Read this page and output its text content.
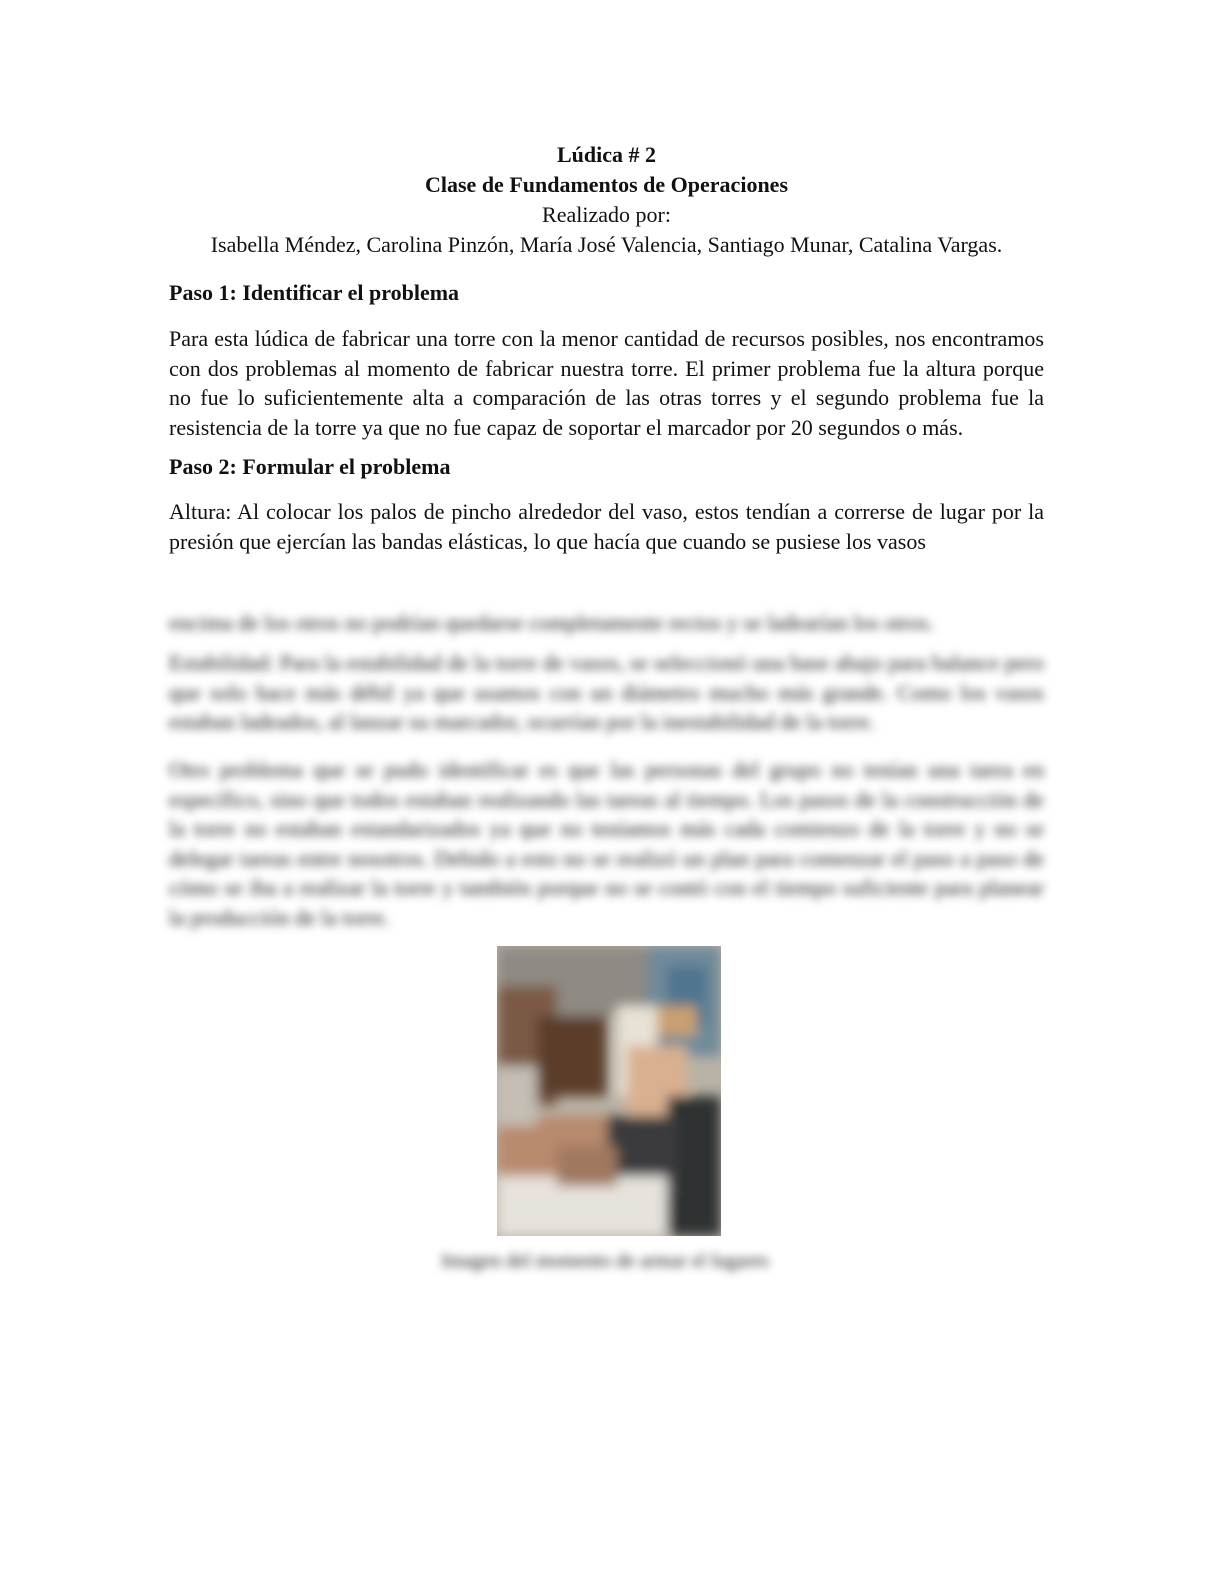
Lúdica # 2
Clase de Fundamentos de Operaciones
Realizado por:
Isabella Méndez, Carolina Pinzón, María José Valencia, Santiago Munar, Catalina Vargas.

Paso 1: Identificar el problema

Para esta lúdica de fabricar una torre con la menor cantidad de recursos posibles, nos encontramos con dos problemas al momento de fabricar nuestra torre. El primer problema fue la altura porque no fue lo suficientemente alta a comparación de las otras torres y el segundo problema fue la resistencia de la torre ya que no fue capaz de soportar el marcador por 20 segundos o más.

Paso 2: Formular el problema

Altura: Al colocar los palos de pincho alrededor del vaso, estos tendían a correrse de lugar por la presión que ejercían las bandas elásticas, lo que hacía que cuando se pusiese los vasos

encima de los otros no podrían quedarse completamente rectos y se ladearían los otros.

Estabilidad: Para la estabilidad de la torre de vasos, se seleccionó una base abajo para balance pero que solo hace más débil ya que usamos con un diámetro mucho más grande. Como los vasos estaban ladeados, al lanzar su marcador, ocurrían por la inestabilidad de la torre.

Otro problema que se pudo identificar es que las personas del grupo no tenían una tarea en específico, sino que todos estaban realizando las tareas al tiempo. Los pasos de la construcción de la torre no estaban estandarizados ya que no teníamos más cada comienzo de la torre y no se delegar tareas entre nosotros. Debido a esto no se realizó un plan para comenzar el paso a paso de cómo se iba a realizar la torre y también porque no se contó con el tiempo suficiente para planear la producción de la torre.

Imagen del momento de armar el lugares
